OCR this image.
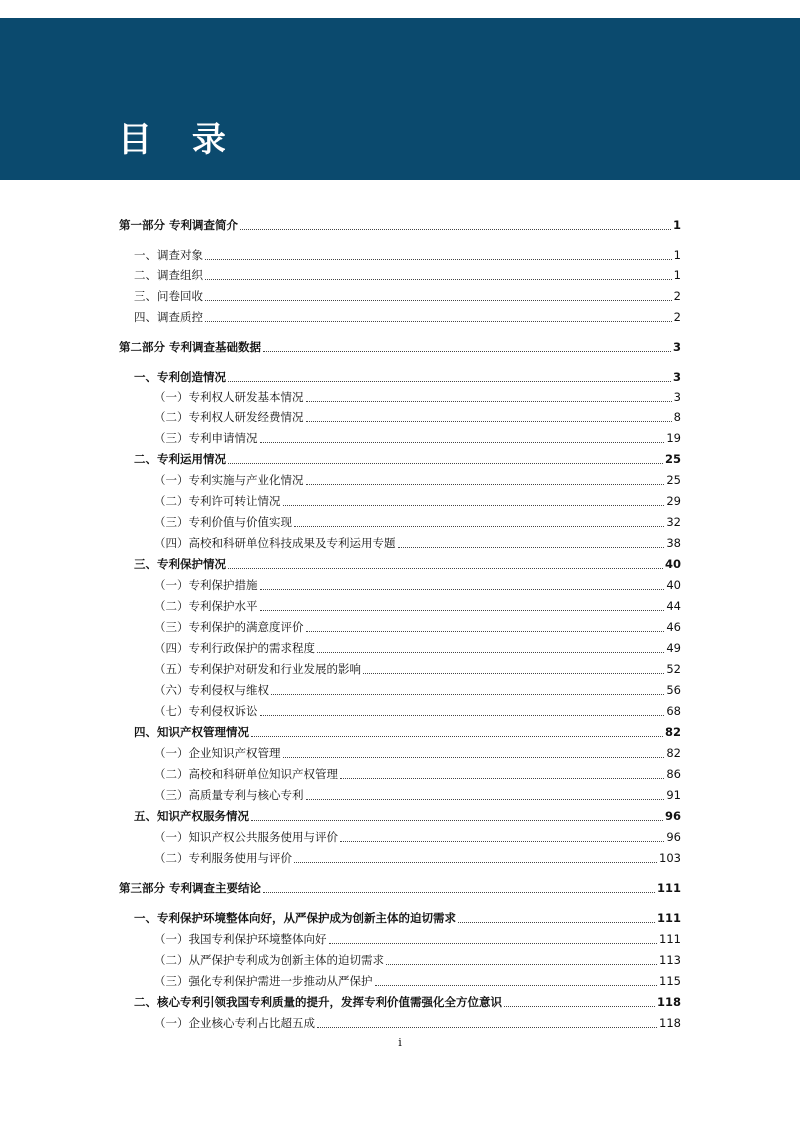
目 录
第一部分 专利调查简介	1
一、调查对象	1
二、调查组织	1
三、问卷回收	2
四、调查质控	2
第二部分 专利调查基础数据	3
一、专利创造情况	3
（一）专利权人研发基本情况	3
（二）专利权人研发经费情况	8
（三）专利申请情况	19
二、专利运用情况	25
（一）专利实施与产业化情况	25
（二）专利许可转让情况	29
（三）专利价值与价值实现	32
（四）高校和科研单位科技成果及专利运用专题	38
三、专利保护情况	40
（一）专利保护措施	40
（二）专利保护水平	44
（三）专利保护的满意度评价	46
（四）专利行政保护的需求程度	49
（五）专利保护对研发和行业发展的影响	52
（六）专利侵权与维权	56
（七）专利侵权诉讼	68
四、知识产权管理情况	82
（一）企业知识产权管理	82
（二）高校和科研单位知识产权管理	86
（三）高质量专利与核心专利	91
五、知识产权服务情况	96
（一）知识产权公共服务使用与评价	96
（二）专利服务使用与评价	103
第三部分 专利调查主要结论	111
一、专利保护环境整体向好，从严保护成为创新主体的迫切需求	111
（一）我国专利保护环境整体向好	111
（二）从严保护专利成为创新主体的迫切需求	113
（三）强化专利保护需进一步推动从严保护	115
二、核心专利引领我国专利质量的提升，发挥专利价值需强化全方位意识	118
（一）企业核心专利占比超五成	118
i
